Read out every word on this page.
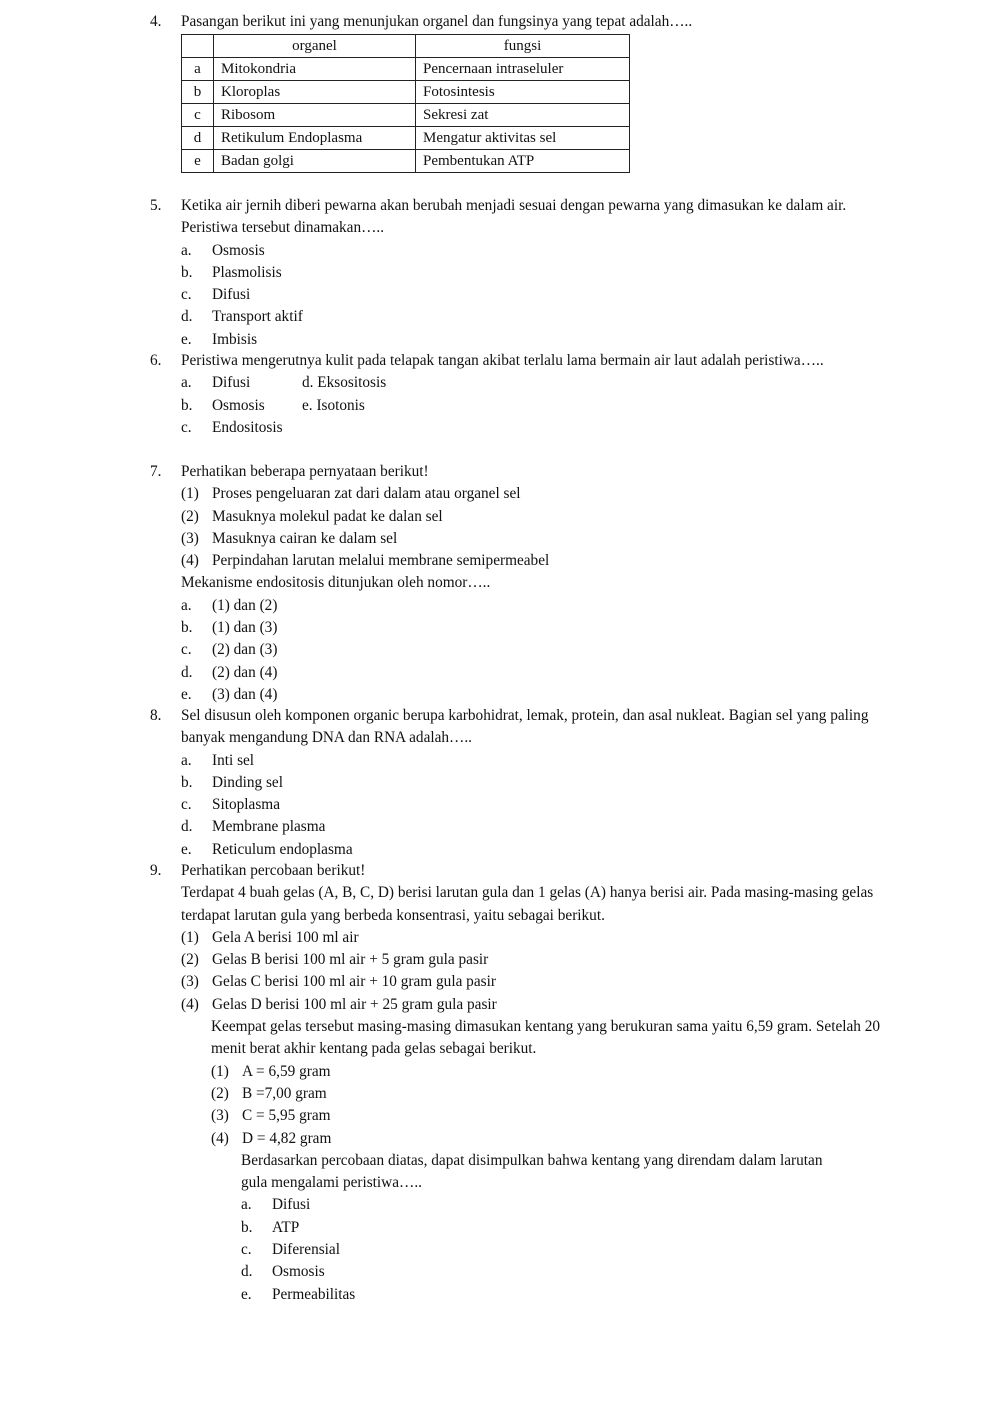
4.	Pasangan berikut ini yang menunjukan organel dan fungsinya yang tepat adalah…..
	organel	fungsi
a	Mitokondria	Pencernaan intraseluler
b	Kloroplas	Fotosintesis
c	Ribosom	Sekresi zat
d	Retikulum Endoplasma	Mengatur aktivitas sel
e	Badan golgi	Pembentukan ATP
5.	Ketika air jernih diberi pewarna akan berubah menjadi sesuai dengan pewarna yang dimasukan ke dalam air. Peristiwa tersebut dinamakan…..
a.	Osmosis
b.	Plasmolisis
c.	Difusi
d.	Transport aktif
e.	Imbisis
6.	Peristiwa mengerutnya kulit pada telapak tangan akibat terlalu lama bermain air laut adalah peristiwa…..
a.	Difusi	d. Eksositosis
b.	Osmosis	e. Isotonis
c.	Endositosis
7.	Perhatikan beberapa pernyataan berikut!
(1) Proses pengeluaran zat dari dalam atau organel sel
(2) Masuknya molekul padat ke dalan sel
(3) Masuknya cairan ke dalam sel
(4) Perpindahan larutan melalui membrane semipermeabel
Mekanisme endositosis ditunjukan oleh nomor…..
a.	(1) dan (2)
b.	(1) dan (3)
c.	(2) dan (3)
d.	(2) dan (4)
e.	(3) dan (4)
8.	Sel disusun oleh komponen organic berupa karbohidrat, lemak, protein, dan asal nukleat. Bagian sel yang paling banyak mengandung DNA dan RNA adalah…..
a.	Inti sel
b.	Dinding sel
c.	Sitoplasma
d.	Membrane plasma
e.	Reticulum endoplasma
9.	Perhatikan percobaan berikut!
Terdapat 4 buah gelas (A, B, C, D) berisi larutan gula dan 1 gelas (A) hanya berisi air. Pada masing-masing gelas terdapat larutan gula yang berbeda konsentrasi, yaitu sebagai berikut.
(1) Gela A berisi 100 ml air
(2) Gelas B berisi 100 ml air + 5 gram gula pasir
(3) Gelas C berisi 100 ml air + 10 gram gula pasir
(4) Gelas D berisi 100 ml air + 25 gram gula pasir
Keempat gelas tersebut masing-masing dimasukan kentang yang berukuran sama yaitu 6,59 gram. Setelah 20 menit berat akhir kentang pada gelas sebagai berikut.
(1) A = 6,59 gram
(2) B =7,00 gram
(3) C = 5,95 gram
(4) D = 4,82 gram
Berdasarkan percobaan diatas, dapat disimpulkan bahwa kentang yang direndam dalam larutan gula mengalami peristiwa…..
a.	Difusi
b.	ATP
c.	Diferensial
d.	Osmosis
e.	Permeabilitas
